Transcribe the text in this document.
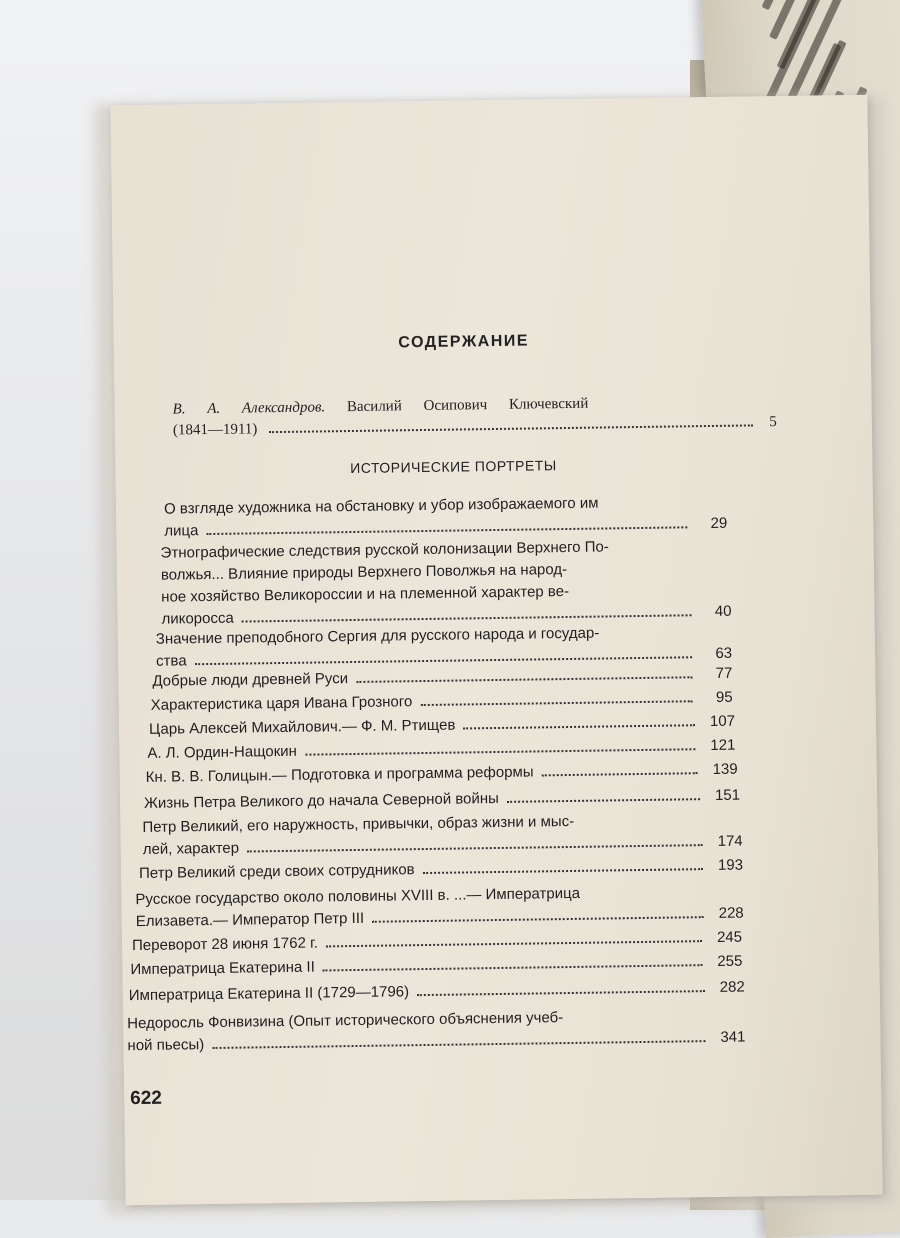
СОДЕРЖАНИЕ
В. А. Александров. Василий Осипович Ключевский
(1841—1911)	5
ИСТОРИЧЕСКИЕ ПОРТРЕТЫ
О взгляде художника на обстановку и убор изображаемого им
лица	29
Этнографические следствия русской колонизации Верхнего По-
волжья... Влияние природы Верхнего Поволжья на народ-
ное хозяйство Великороссии и на племенной характер ве-
ликоросса	40
Значение преподобного Сергия для русского народа и государ-
ства	63
Добрые люди древней Руси	77
Характеристика царя Ивана Грозного	95
Царь Алексей Михайлович.— Ф. М. Ртищев	107
А. Л. Ордин-Нащокин	121
Кн. В. В. Голицын.— Подготовка и программа реформы	139
Жизнь Петра Великого до начала Северной войны	151
Петр Великий, его наружность, привычки, образ жизни и мыс-
лей, характер	174
Петр Великий среди своих сотрудников	193
Русское государство около половины XVIII в. ...— Императрица
Елизавета.— Император Петр III	228
Переворот 28 июня 1762 г.	245
Императрица Екатерина II	255
Императрица Екатерина II (1729—1796)	282
Недоросль Фонвизина (Опыт исторического объяснения учеб-
ной пьесы)	341
622
